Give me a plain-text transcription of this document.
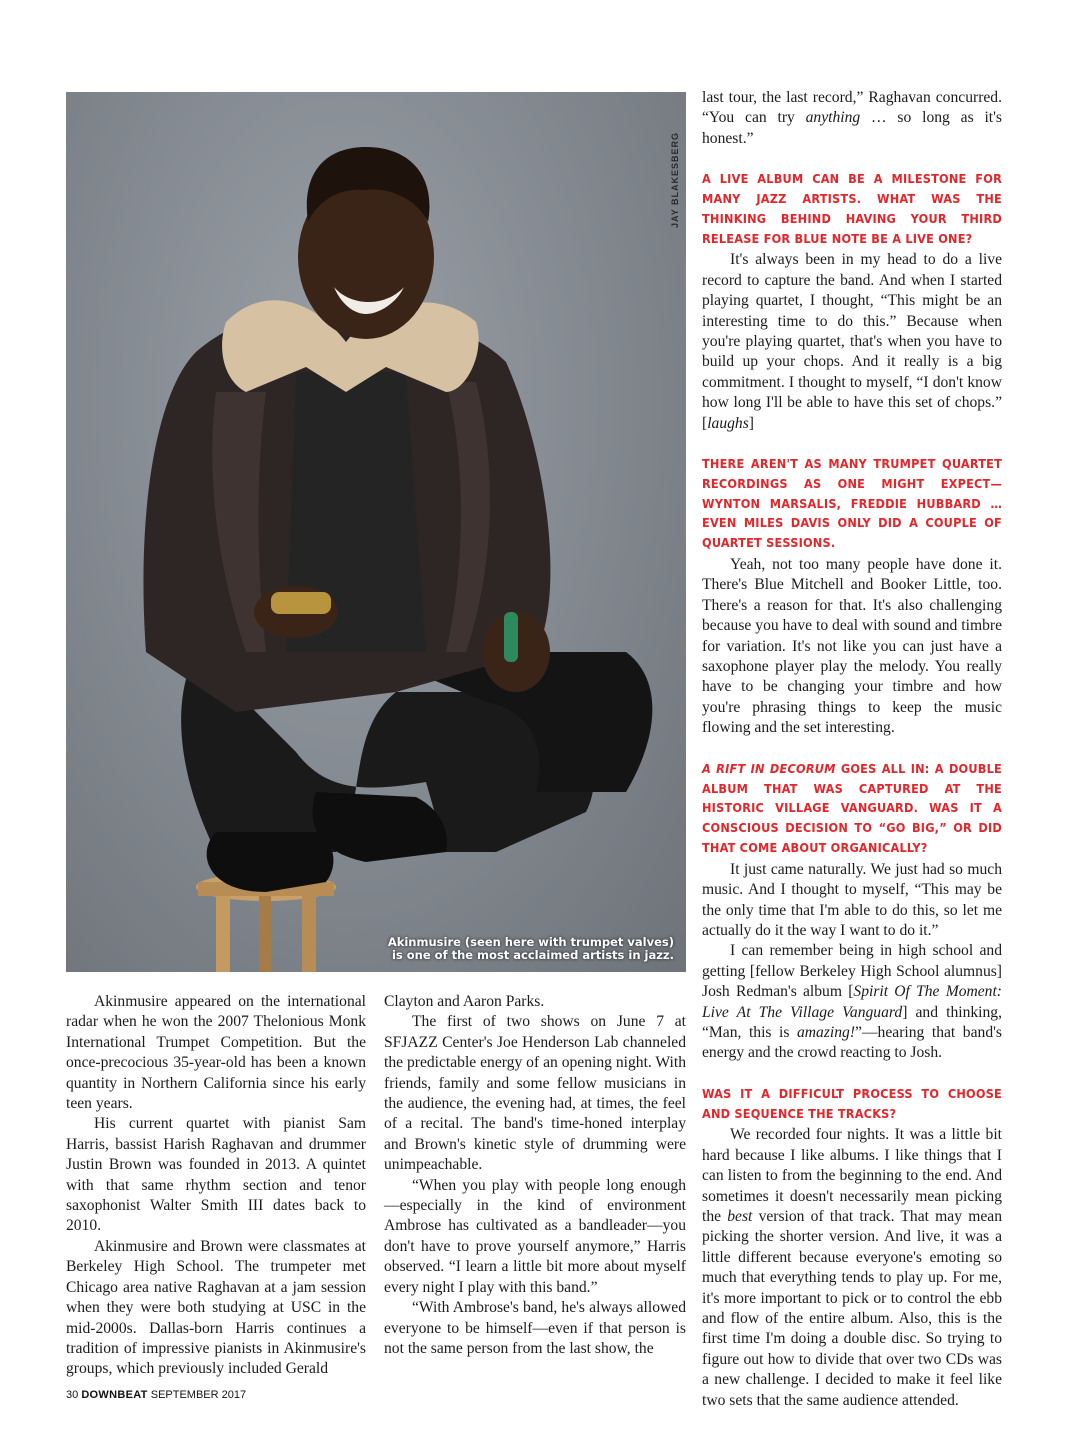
JAY BLAKESBERG
Akinmusire (seen here with trumpet valves)
is one of the most acclaimed artists in jazz.

Akinmusire appeared on the international radar when he won the 2007 Thelonious Monk International Trumpet Competition. But the once-precocious 35-year-old has been a known quantity in Northern California since his early teen years.

His current quartet with pianist Sam Harris, bassist Harish Raghavan and drummer Justin Brown was founded in 2013. A quintet with that same rhythm section and tenor saxophonist Walter Smith III dates back to 2010.

Akinmusire and Brown were classmates at Berkeley High School. The trumpeter met Chicago area native Raghavan at a jam session when they were both studying at USC in the mid-2000s. Dallas-born Harris continues a tradition of impressive pianists in Akinmusire's groups, which previously included Gerald

Clayton and Aaron Parks.

The first of two shows on June 7 at SFJAZZ Center's Joe Henderson Lab channeled the predictable energy of an opening night. With friends, family and some fellow musicians in the audience, the evening had, at times, the feel of a recital. The band's time-honed interplay and Brown's kinetic style of drumming were unimpeachable.

“When you play with people long enough—especially in the kind of environment Ambrose has cultivated as a bandleader—you don't have to prove yourself anymore,” Harris observed. “I learn a little bit more about myself every night I play with this band.”

“With Ambrose's band, he's always allowed everyone to be himself—even if that person is not the same person from the last show, the

last tour, the last record,” Raghavan concurred. “You can try anything … so long as it's honest.”

A LIVE ALBUM CAN BE A MILESTONE FOR MANY JAZZ ARTISTS. WHAT WAS THE THINKING BEHIND HAVING YOUR THIRD RELEASE FOR BLUE NOTE BE A LIVE ONE?

It's always been in my head to do a live record to capture the band. And when I started playing quartet, I thought, “This might be an interesting time to do this.” Because when you're playing quartet, that's when you have to build up your chops. And it really is a big commitment. I thought to myself, “I don't know how long I'll be able to have this set of chops.” [laughs]

THERE AREN'T AS MANY TRUMPET QUARTET RECORDINGS AS ONE MIGHT EXPECT—WYNTON MARSALIS, FREDDIE HUBBARD … EVEN MILES DAVIS ONLY DID A COUPLE OF QUARTET SESSIONS.

Yeah, not too many people have done it. There's Blue Mitchell and Booker Little, too. There's a reason for that. It's also challenging because you have to deal with sound and timbre for variation. It's not like you can just have a saxophone player play the melody. You really have to be changing your timbre and how you're phrasing things to keep the music flowing and the set interesting.

A RIFT IN DECORUM GOES ALL IN: A DOUBLE ALBUM THAT WAS CAPTURED AT THE HISTORIC VILLAGE VANGUARD. WAS IT A CONSCIOUS DECISION TO “GO BIG,” OR DID THAT COME ABOUT ORGANICALLY?

It just came naturally. We just had so much music. And I thought to myself, “This may be the only time that I'm able to do this, so let me actually do it the way I want to do it.”

I can remember being in high school and getting [fellow Berkeley High School alumnus] Josh Redman's album [Spirit Of The Moment: Live At The Village Vanguard] and thinking, “Man, this is amazing!”—hearing that band's energy and the crowd reacting to Josh.

WAS IT A DIFFICULT PROCESS TO CHOOSE AND SEQUENCE THE TRACKS?

We recorded four nights. It was a little bit hard because I like albums. I like things that I can listen to from the beginning to the end. And sometimes it doesn't necessarily mean picking the best version of that track. That may mean picking the shorter version. And live, it was a little different because everyone's emoting so much that everything tends to play up. For me, it's more important to pick or to control the ebb and flow of the entire album. Also, this is the first time I'm doing a double disc. So trying to figure out how to divide that over two CDs was a new challenge. I decided to make it feel like two sets that the same audience attended.

30 DOWNBEAT SEPTEMBER 2017
